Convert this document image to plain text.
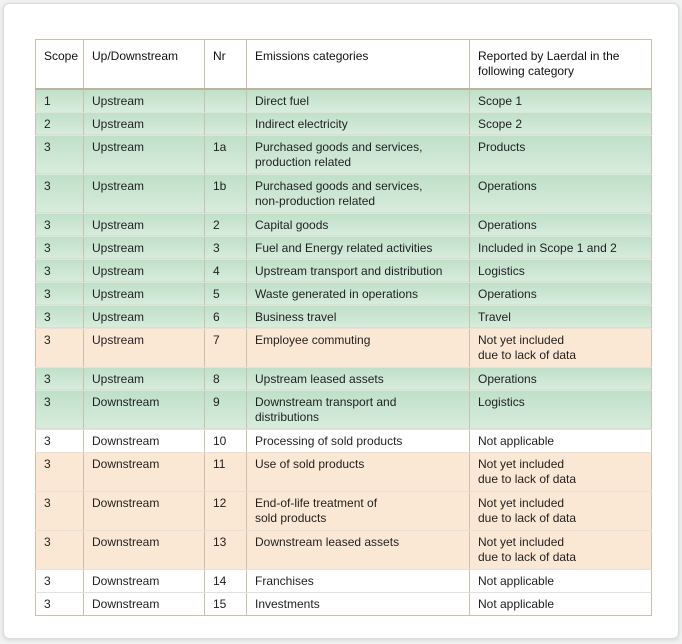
Scope	Up/Downstream	Nr	Emissions categories	Reported by Laerdal in the
following category
1	Upstream		Direct fuel	Scope 1
2	Upstream		Indirect electricity	Scope 2
3	Upstream	1a	Purchased goods and services,
production related	Products
3	Upstream	1b	Purchased goods and services,
non-production related	Operations
3	Upstream	2	Capital goods	Operations
3	Upstream	3	Fuel and Energy related activities	Included in Scope 1 and 2
3	Upstream	4	Upstream transport and distribution	Logistics
3	Upstream	5	Waste generated in operations	Operations
3	Upstream	6	Business travel	Travel
3	Upstream	7	Employee commuting	Not yet included
due to lack of data
3	Upstream	8	Upstream leased assets	Operations
3	Downstream	9	Downstream transport and
distributions	Logistics
3	Downstream	10	Processing of sold products	Not applicable
3	Downstream	11	Use of sold products	Not yet included
due to lack of data
3	Downstream	12	End-of-life treatment of
sold products	Not yet included
due to lack of data
3	Downstream	13	Downstream leased assets	Not yet included
due to lack of data
3	Downstream	14	Franchises	Not applicable
3	Downstream	15	Investments	Not applicable
